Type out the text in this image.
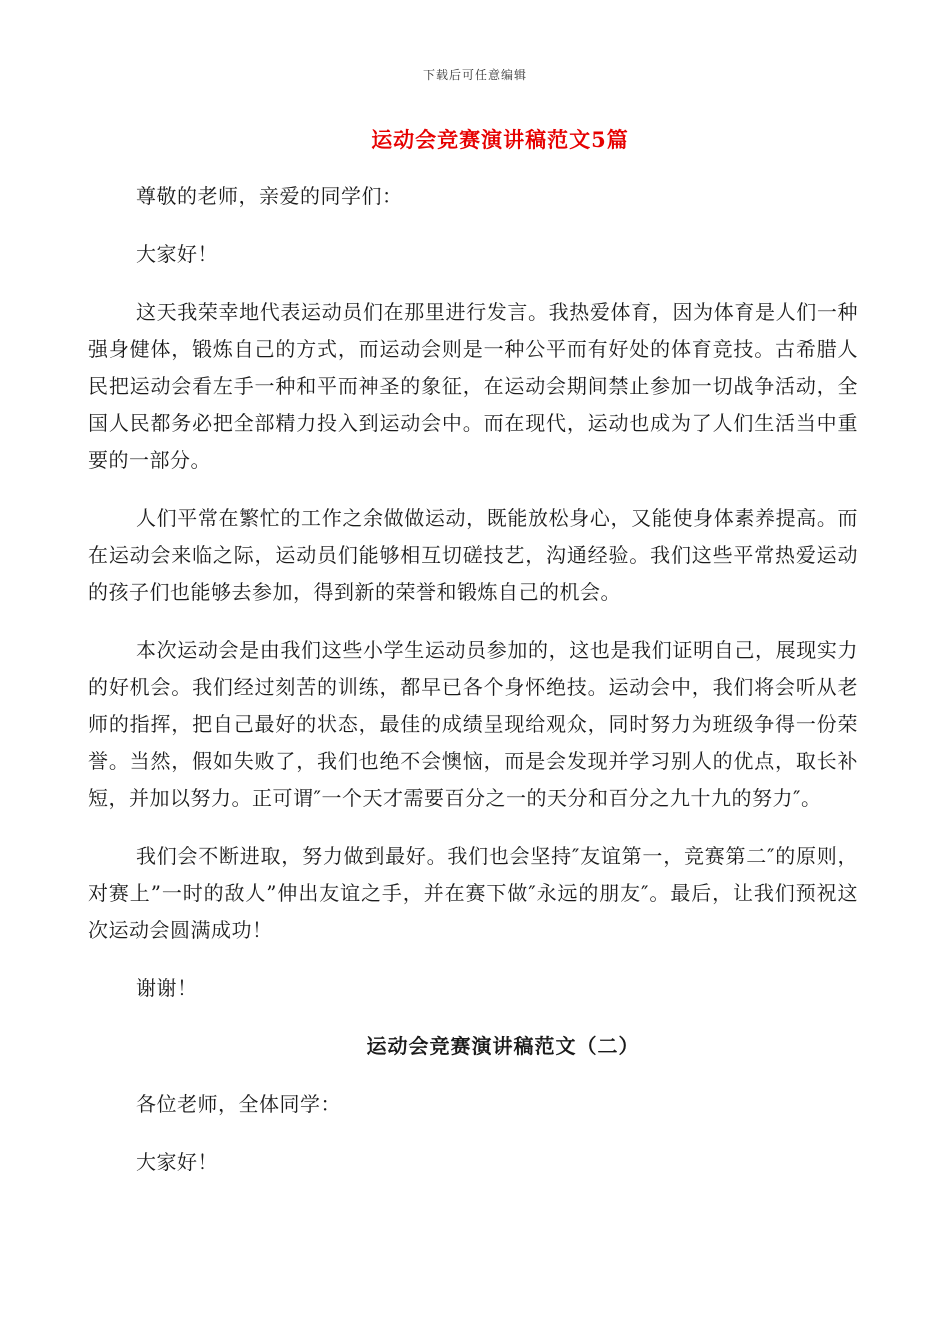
下载后可任意编辑
运动会竞赛演讲稿范文5篇

尊敬的老师，亲爱的同学们：

大家好！

这天我荣幸地代表运动员们在那里进行发言。我热爱体育，因为体育是人们一种强身健体，锻炼自己的方式，而运动会则是一种公平而有好处的体育竞技。古希腊人民把运动会看左手一种和平而神圣的象征，在运动会期间禁止参加一切战争活动，全国人民都务必把全部精力投入到运动会中。而在现代，运动也成为了人们生活当中重要的一部分。

人们平常在繁忙的工作之余做做运动，既能放松身心，又能使身体素养提高。而在运动会来临之际，运动员们能够相互切磋技艺，沟通经验。我们这些平常热爱运动的孩子们也能够去参加，得到新的荣誉和锻炼自己的机会。

本次运动会是由我们这些小学生运动员参加的，这也是我们证明自己，展现实力的好机会。我们经过刻苦的训练，都早已各个身怀绝技。运动会中，我们将会听从老师的指挥，把自己最好的状态，最佳的成绩呈现给观众，同时努力为班级争得一份荣誉。当然，假如失败了，我们也绝不会懊恼，而是会发现并学习别人的优点，取长补短，并加以努力。正可谓″一个天才需要百分之一的天分和百分之九十九的努力″。

我们会不断进取，努力做到最好。我们也会坚持″友谊第一，竞赛第二″的原则，对赛上”一时的敌人”伸出友谊之手，并在赛下做″永远的朋友″。最后，让我们预祝这次运动会圆满成功！

谢谢！

运动会竞赛演讲稿范文（二）

各位老师，全体同学：

大家好！
